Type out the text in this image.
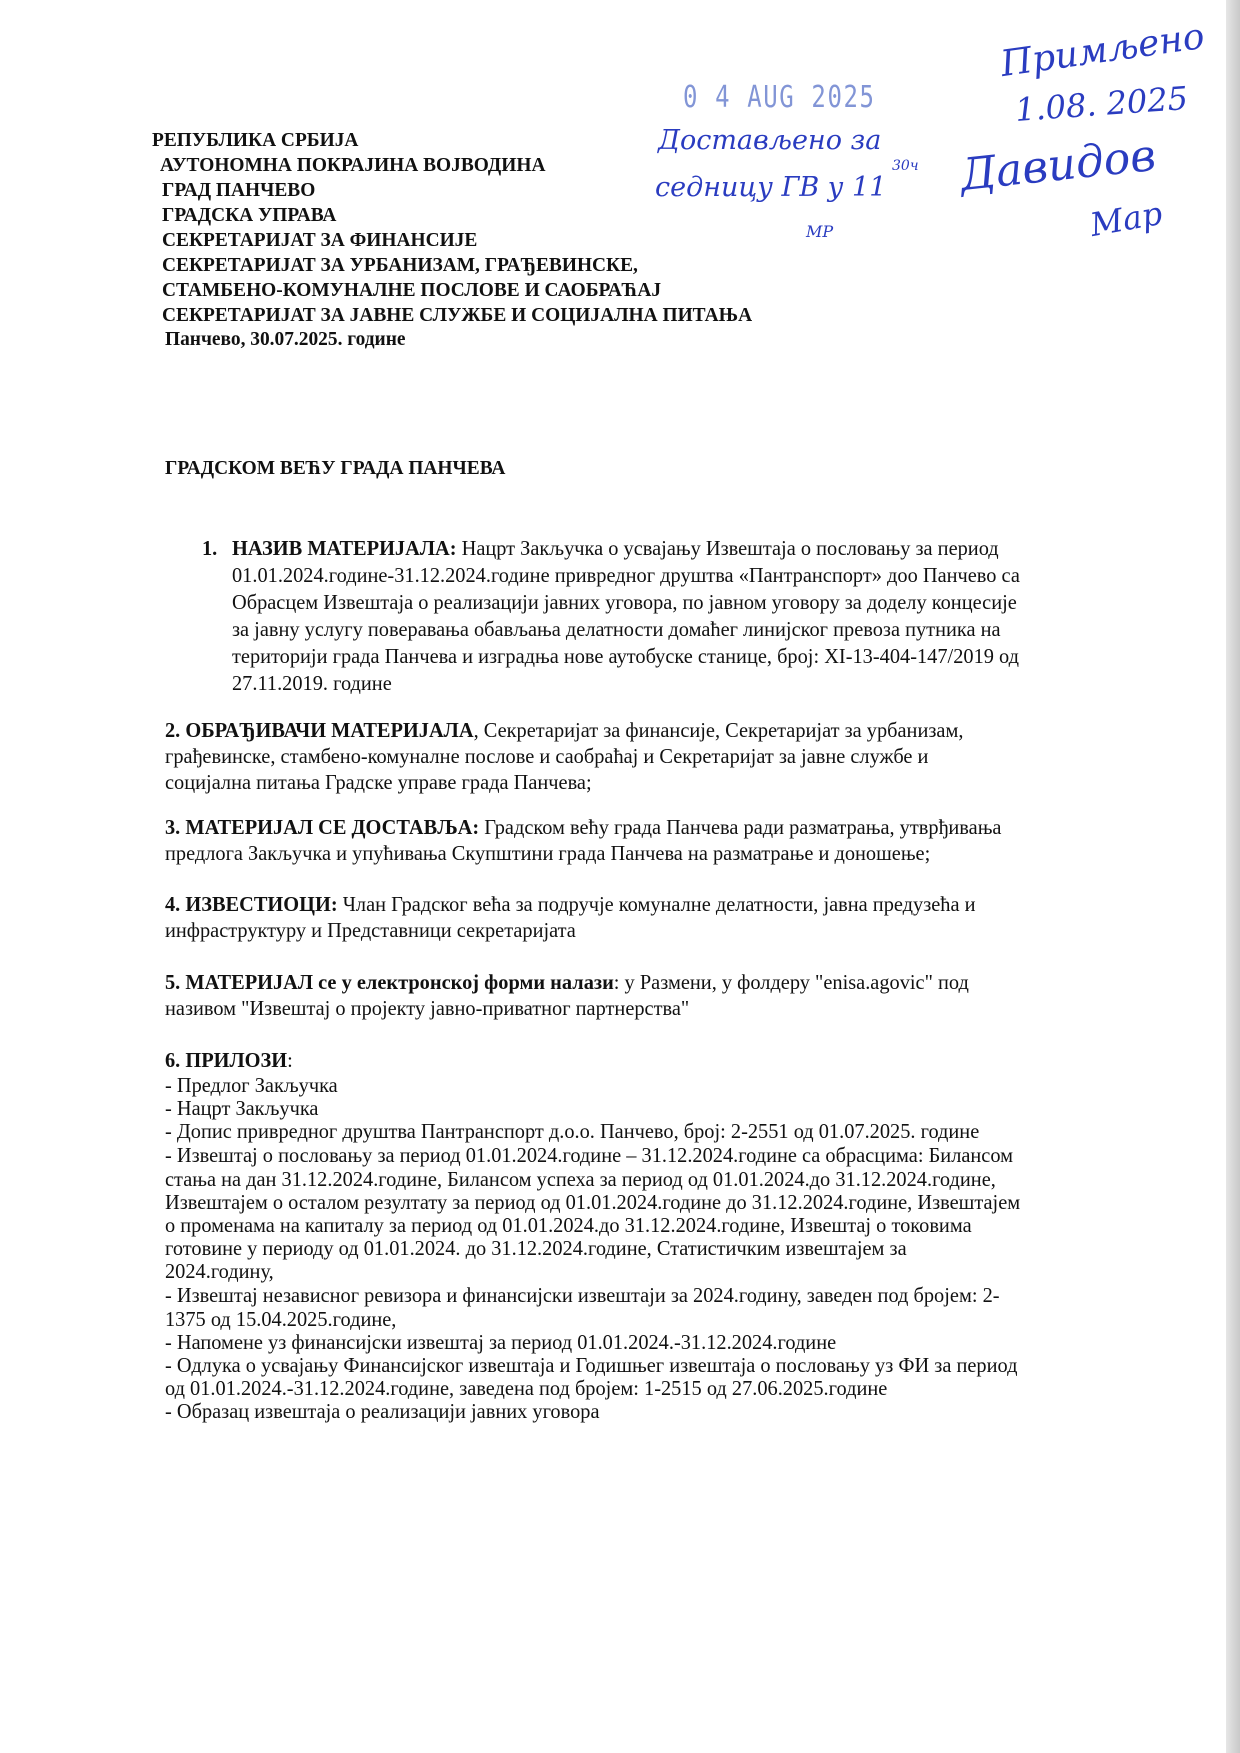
0 4 AUG 2025
Примљено
1.08. 2025
Достављено за
седницу ГВ у 11
30ч
МР
Давидов
Мар
РЕПУБЛИКА СРБИЈА
АУТОНОМНА ПОКРАЈИНА ВОЈВОДИНА
ГРАД ПАНЧЕВО
ГРАДСКА УПРАВА
СЕКРЕТАРИЈАТ ЗА ФИНАНСИЈЕ
СЕКРЕТАРИЈАТ ЗА УРБАНИЗАМ, ГРАЂЕВИНСКЕ,
СТАМБЕНО-КОМУНАЛНЕ ПОСЛОВЕ И САОБРАЋАЈ
СЕКРЕТАРИЈАТ ЗА ЈАВНЕ СЛУЖБЕ И СОЦИЈАЛНА ПИТАЊА
Панчево, 30.07.2025. године
ГРАДСКОМ ВЕЋУ ГРАДА ПАНЧЕВА
1. НАЗИВ МАТЕРИЈАЛА: Нацрт Закључка о усвајању Извештаја о пословању за период
01.01.2024.године-31.12.2024.године привредног друштва «Пантранспорт» доо Панчево са
Обрасцем Извештаја о реализацији јавних уговора, по јавном уговору за доделу концесије
за јавну услугу поверавања обављања делатности домаћег линијског превоза путника на
територији града Панчева и изградња нове аутобуске станице, број: XI-13-404-147/2019 од
27.11.2019. године
2. ОБРАЂИВАЧИ МАТЕРИЈАЛА, Секретаријат за финансије, Секретаријат за урбанизам,
грађевинске, стамбено-комуналне послове и саобраћај и Секретаријат за јавне службе и
социјална питања Градске управе града Панчева;
3. МАТЕРИЈАЛ СЕ ДОСТАВЉА: Градском већу града Панчева ради разматрања, утврђивања
предлога Закључка и упућивања Скупштини града Панчева на разматрање и доношење;
4. ИЗВЕСТИОЦИ: Члан Градског већа за подручје комуналне делатности, јавна предузећа и
инфраструктуру и Представници секретаријата
5. МАТЕРИЈАЛ се у електронској форми налази: у Размени, у фолдеру "enisa.agovic" под
називом "Извештај о пројекту јавно-приватног партнерства"
6. ПРИЛОЗИ:
- Предлог Закључка
- Нацрт Закључка
- Допис привредног друштва Пантранспорт д.о.о. Панчево, број: 2-2551 од 01.07.2025. године
- Извештај о пословању за период 01.01.2024.године – 31.12.2024.године са обрасцима: Билансом
стања на дан 31.12.2024.године, Билансом успеха за период од 01.01.2024.до 31.12.2024.године,
Извештајем о осталом резултату за период од 01.01.2024.године до 31.12.2024.године, Извештајем
о променама на капиталу за период од 01.01.2024.до 31.12.2024.године, Извештај о токовима
готовине у периоду од 01.01.2024. до 31.12.2024.године, Статистичким извештајем за
2024.годину,
- Извештај независног ревизора и финансијски извештаји за 2024.годину, заведен под бројем: 2-
1375 од 15.04.2025.године,
- Напомене уз финансијски извештај за период 01.01.2024.-31.12.2024.године
- Одлука о усвајању Финансијског извештаја и Годишњег извештаја о пословању уз ФИ за период
од 01.01.2024.-31.12.2024.године, заведена под бројем: 1-2515 од 27.06.2025.године
- Образац извештаја о реализацији јавних уговора
